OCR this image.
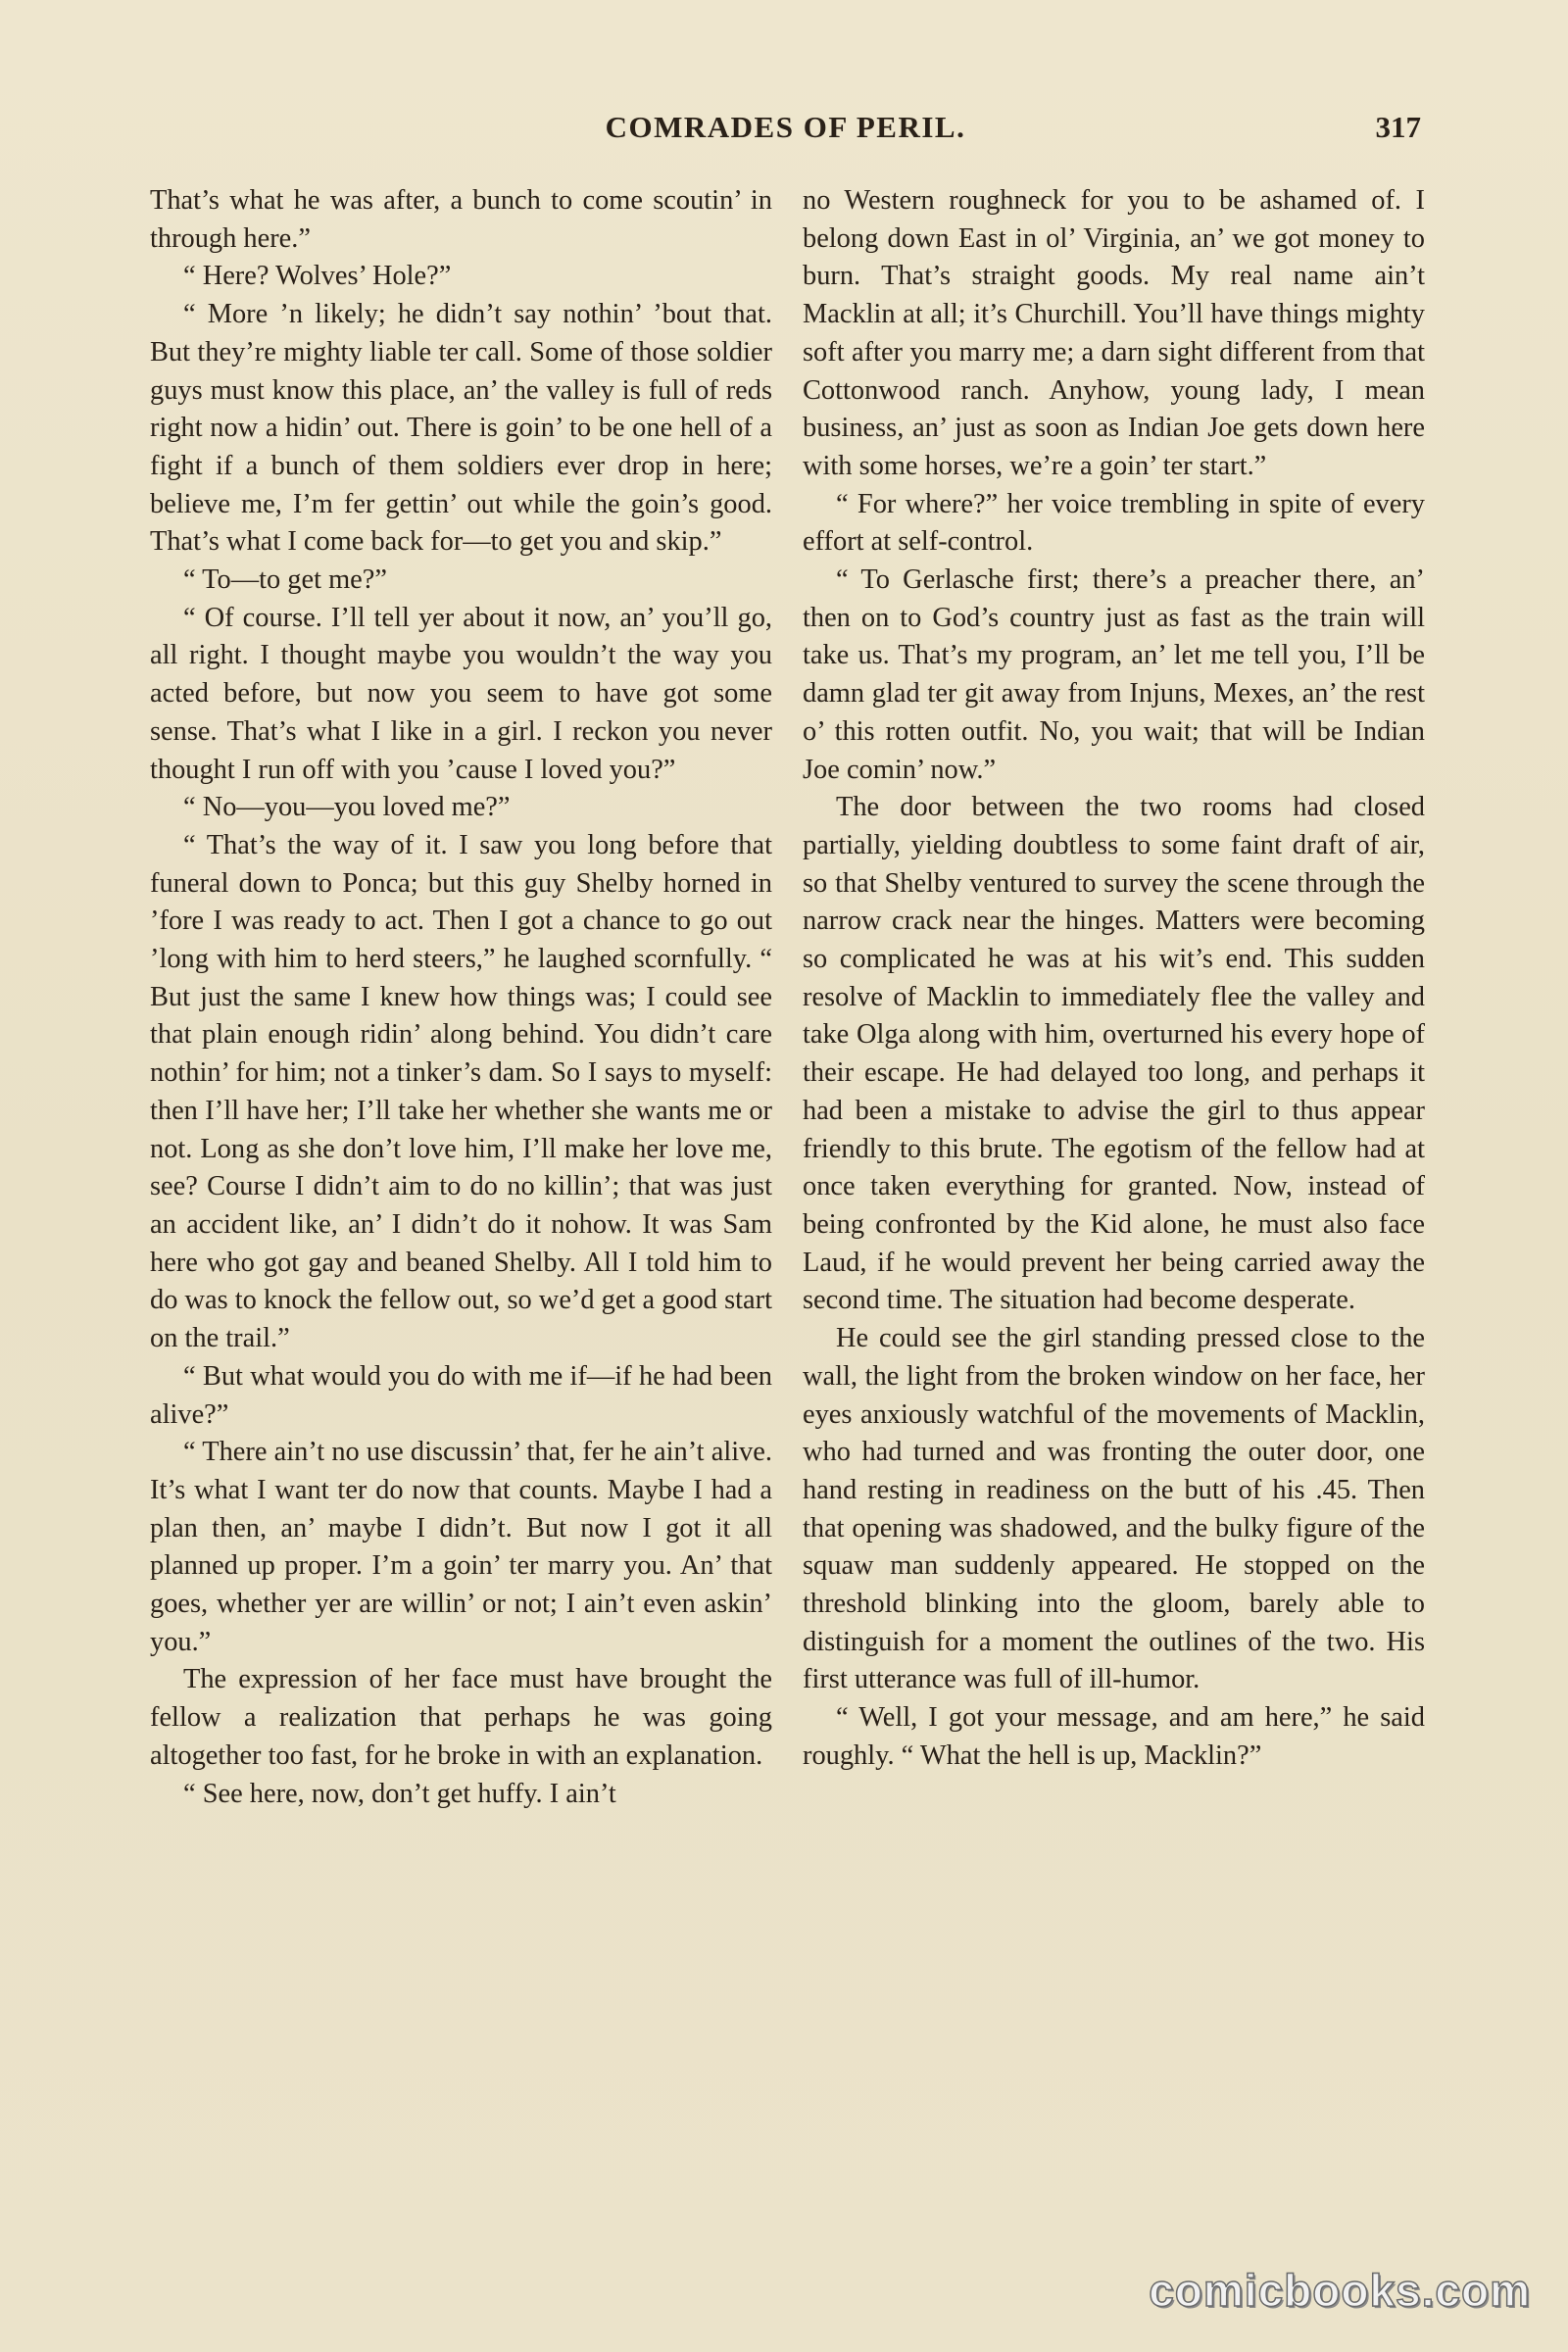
COMRADES OF PERIL.	317

That’s what he was after, a bunch to come scoutin’ in through here.”

“ Here? Wolves’ Hole?”

“ More ’n likely; he didn’t say nothin’ ’bout that. But they’re mighty liable ter call. Some of those soldier guys must know this place, an’ the valley is full of reds right now a hidin’ out. There is goin’ to be one hell of a fight if a bunch of them soldiers ever drop in here; believe me, I’m fer gettin’ out while the goin’s good. That’s what I come back for—to get you and skip.”

“ To—to get me?”

“ Of course. I’ll tell yer about it now, an’ you’ll go, all right. I thought maybe you wouldn’t the way you acted before, but now you seem to have got some sense. That’s what I like in a girl. I reckon you never thought I run off with you ’cause I loved you?”

“ No—you—you loved me?”

“ That’s the way of it. I saw you long before that funeral down to Ponca; but this guy Shelby horned in ’fore I was ready to act. Then I got a chance to go out ’long with him to herd steers,” he laughed scornfully. “ But just the same I knew how things was; I could see that plain enough ridin’ along behind. You didn’t care nothin’ for him; not a tinker’s dam. So I says to myself: then I’ll have her; I’ll take her whether she wants me or not. Long as she don’t love him, I’ll make her love me, see? Course I didn’t aim to do no killin’; that was just an accident like, an’ I didn’t do it nohow. It was Sam here who got gay and beaned Shelby. All I told him to do was to knock the fellow out, so we’d get a good start on the trail.”

“ But what would you do with me if—if he had been alive?”

“ There ain’t no use discussin’ that, fer he ain’t alive. It’s what I want ter do now that counts. Maybe I had a plan then, an’ maybe I didn’t. But now I got it all planned up proper. I’m a goin’ ter marry you. An’ that goes, whether yer are willin’ or not; I ain’t even askin’ you.”

The expression of her face must have brought the fellow a realization that perhaps he was going altogether too fast, for he broke in with an explanation.

“ See here, now, don’t get huffy. I ain’t

no Western roughneck for you to be ashamed of. I belong down East in ol’ Virginia, an’ we got money to burn. That’s straight goods. My real name ain’t Macklin at all; it’s Churchill. You’ll have things mighty soft after you marry me; a darn sight different from that Cottonwood ranch. Anyhow, young lady, I mean business, an’ just as soon as Indian Joe gets down here with some horses, we’re a goin’ ter start.”

“ For where?” her voice trembling in spite of every effort at self-control.

“ To Gerlasche first; there’s a preacher there, an’ then on to God’s country just as fast as the train will take us. That’s my program, an’ let me tell you, I’ll be damn glad ter git away from Injuns, Mexes, an’ the rest o’ this rotten outfit. No, you wait; that will be Indian Joe comin’ now.”

The door between the two rooms had closed partially, yielding doubtless to some faint draft of air, so that Shelby ventured to survey the scene through the narrow crack near the hinges. Matters were becoming so complicated he was at his wit’s end. This sudden resolve of Macklin to immediately flee the valley and take Olga along with him, overturned his every hope of their escape. He had delayed too long, and perhaps it had been a mistake to advise the girl to thus appear friendly to this brute. The egotism of the fellow had at once taken everything for granted. Now, instead of being confronted by the Kid alone, he must also face Laud, if he would prevent her being carried away the second time. The situation had become desperate.

He could see the girl standing pressed close to the wall, the light from the broken window on her face, her eyes anxiously watchful of the movements of Macklin, who had turned and was fronting the outer door, one hand resting in readiness on the butt of his .45. Then that opening was shadowed, and the bulky figure of the squaw man suddenly appeared. He stopped on the threshold blinking into the gloom, barely able to distinguish for a moment the outlines of the two. His first utterance was full of ill-humor.

“ Well, I got your message, and am here,” he said roughly. “ What the hell is up, Macklin?”

comicbooks.com
